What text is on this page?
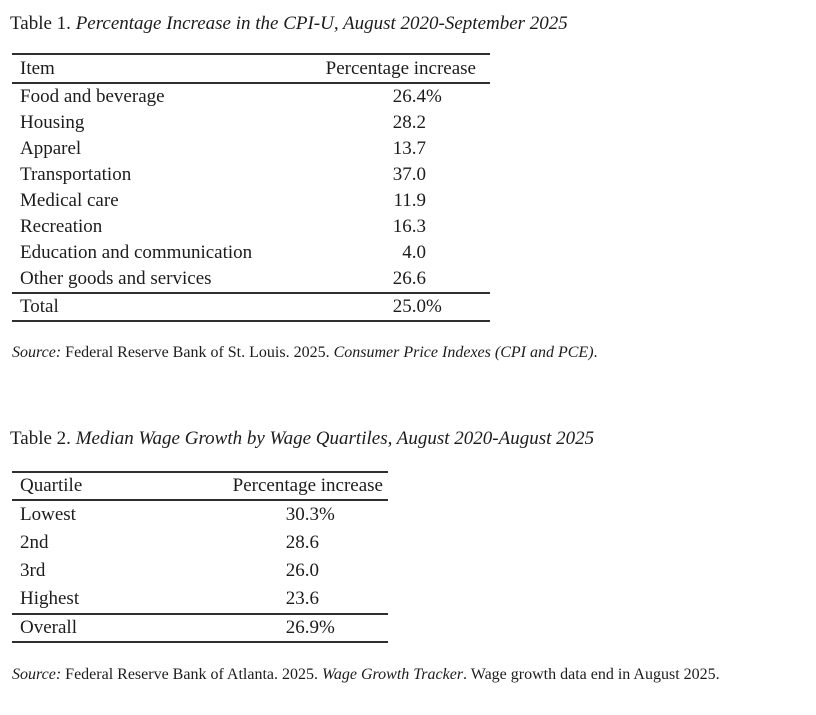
Table 1. Percentage Increase in the CPI-U, August 2020-September 2025
Item	Percentage increase
Food and beverage	26.4 %
Housing	28.2
Apparel	13.7
Transportation	37.0
Medical care	11.9
Recreation	16.3
Education and communication	4.0
Other goods and services	26.6
Total	25.0 %
Source: Federal Reserve Bank of St. Louis. 2025. Consumer Price Indexes (CPI and PCE).
Table 2. Median Wage Growth by Wage Quartiles, August 2020-August 2025
Quartile	Percentage increase
Lowest	30.3 %
2nd	28.6
3rd	26.0
Highest	23.6
Overall	26.9 %
Source: Federal Reserve Bank of Atlanta. 2025. Wage Growth Tracker. Wage growth data end in August 2025.
